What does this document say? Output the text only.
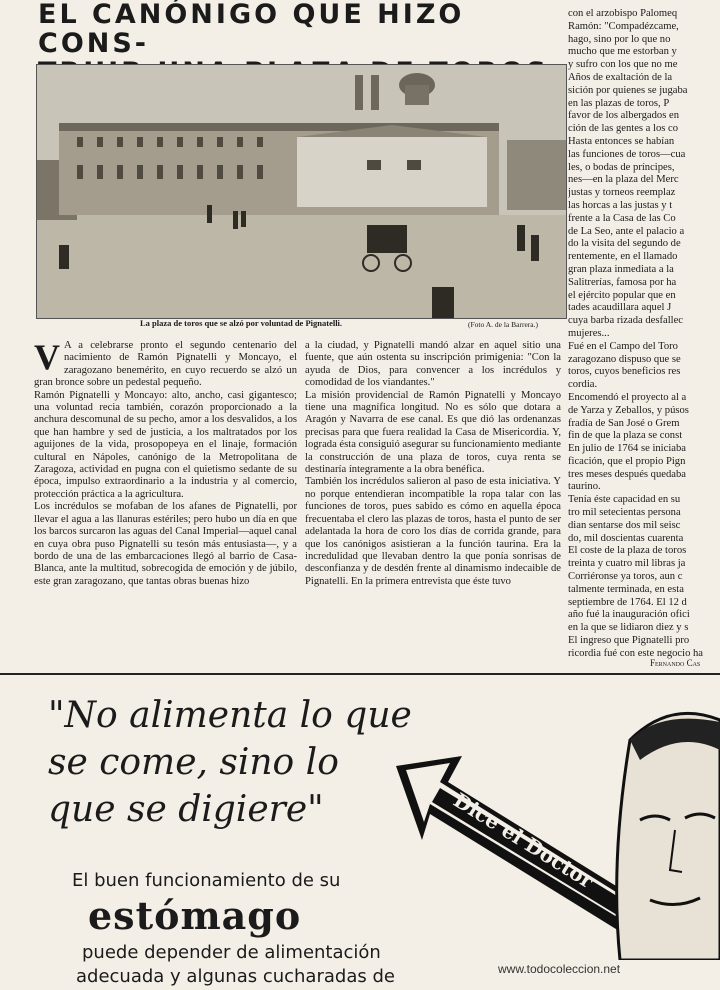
EL CANÓNIGO QUE HIZO CONS-
La plaza de toros que se alzó por voluntad de Pignatelli.	(Foto A. de la Barrera.)
V A a celebrarse pronto el segundo centenario del nacimiento de Ramón Pignatelli y Moncayo, el zaragozano benemérito, en cuyo recuerdo se alzó un gran bronce sobre un pedestal pequeño.

Ramón Pignatelli y Moncayo: alto, ancho, casi gigantesco; una voluntad recia también, corazón proporcionado a la anchura descomunal de su pecho, amor a los desvalidos, a los que han hambre y sed de justicia, a los maltratados por los aguijones de la vida, prosopopeya en el linaje, formación cultural en Nápoles, canónigo de la Metropolitana de Zaragoza, actividad en pugna con el quietismo sedante de su época, impulso extraordinario a la industria y al comercio, protección práctica a la agricultura.

Los incrédulos se mofaban de los afanes de Pignatelli, por llevar el agua a las llanuras estériles; pero hubo un día en que los barcos surcaron las aguas del Canal Imperial—aquel canal en cuya obra puso Pignatelli su tesón más entusiasta—, y a bordo de una de las embarcaciones llegó al barrio de Casa-Blanca, ante la multitud, sobrecogida de emoción y de júbilo, este gran zaragozano, que tantas obras buenas hizo

a la ciudad, y Pignatelli mandó alzar en aquel sitio una fuente, que aún ostenta su inscripción primigenia: "Con la ayuda de Dios, para convencer a los incrédulos y comodidad de los viandantes."

La misión providencial de Ramón Pignatelli y Moncayo tiene una magnífica longitud. No es sólo que dotara a Aragón y Navarra de ese canal. Es que dió las ordenanzas precisas para que fuera realidad la Casa de Misericordia. Y, lograda ésta consiguió asegurar su funcionamiento mediante la construcción de una plaza de toros, cuya renta se destinaría íntegramente a la obra benéfica.

También los incrédulos salieron al paso de esta iniciativa. Y no porque entendieran incompatible la ropa talar con las funciones de toros, pues sabido es cómo en aquella época frecuentaba el clero las plazas de toros, hasta el punto de ser adelantada la hora de coro los días de corrida grande, para que los canónigos asistieran a la función taurina. Era la incredulidad que llevaban dentro la que ponía sonrisas de desconfianza y de desdén frente al dinamismo indecaible de Pignatelli. En la primera entrevista que éste tuvo

con el arzobispo Palomeq
Ramón: "Compadézcame,
hago, sino por lo que no
mucho que me estorban y
y sufro con los que no me
Años de exaltación de la
sición por quienes se jugaba
en las plazas de toros, P
favor de los albergados en
ción de las gentes a los co
Hasta entonces se habían
las funciones de toros—cua
les, o bodas de príncipes,
nes—en la plaza del Merc
justas y torneos reemplaz
las horcas a las justas y t
frente a la Casa de las Co
de La Seo, ante el palacio a
do la visita del segundo de
rentemente, en el llamado
gran plaza inmediata a la
Salitrerías, famosa por ha
el ejército popular que en
tades acaudillara aquel J
cuya barba rizada desfallec
mujeres...
Fué en el Campo del Toro
zaragozano dispuso que se
toros, cuyos beneficios res
cordia.
Encomendó el proyecto al a
de Yarza y Zeballos, y púsos
fradía de San José o Grem
fin de que la plaza se const
En julio de 1764 se iniciaba
ficación, que el propio Pign
tres meses después quedaba
taurino.
Tenía éste capacidad en su
tro mil setecientas persona
dian sentarse dos mil seisc
do, mil doscientas cuarenta
El coste de la plaza de toros
treinta y cuatro mil libras ja
Corriéronse ya toros, aun c
talmente terminada, en esta
septiembre de 1764. El 12 d
año fué la inauguración ofici
en la que se lidiaron diez y s
El ingreso que Pignatelli pro
ricordia fué con este negocio ha
Fernando Cas
"No alimenta lo que
se come, sino lo
que se digiere"	Dice el Doctor
El buen funcionamiento de su
estómago
puede depender de alimentación
adecuada y algunas cucharadas de	www.todocoleccion.net
